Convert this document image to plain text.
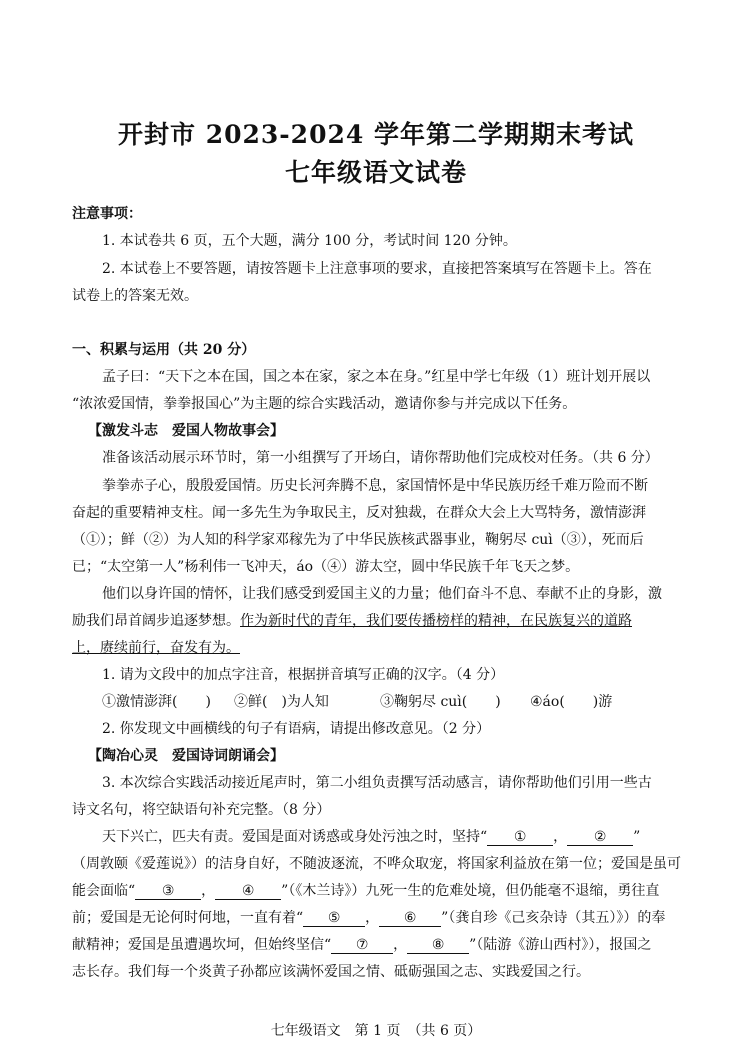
开封市 2023-2024 学年第二学期期末考试
七年级语文试卷
注意事项：
1. 本试卷共 6 页，五个大题，满分 100 分，考试时间 120 分钟。
2. 本试卷上不要答题，请按答题卡上注意事项的要求，直接把答案填写在答题卡上。答在
试卷上的答案无效。
一、积累与运用（共 20 分）
孟子曰：“天下之本在国，国之本在家，家之本在身。”红星中学七年级（1）班计划开展以
“浓浓爱国情，拳拳报国心”为主题的综合实践活动，邀请你参与并完成以下任务。
【激发斗志　爱国人物故事会】
准备该活动展示环节时，第一小组撰写了开场白，请你帮助他们完成校对任务。（共 6 分）
拳拳赤子心，殷殷爱国情。历史长河奔腾不息，家国情怀是中华民族历经千难万险而不断
奋起的重要精神支柱。闻一多先生为争取民主，反对独裁，在群众大会上大骂特务，激情澎湃
（①）；鲜（②）为人知的科学家邓稼先为了中华民族核武器事业，鞠躬尽 cuì（③），死而后
已；“太空第一人”杨利伟一飞冲天，áo（④）游太空，圆中华民族千年飞天之梦。
他们以身许国的情怀，让我们感受到爱国主义的力量；他们奋斗不息、奉献不止的身影，激
励我们昂首阔步追逐梦想。作为新时代的青年，我们要传播榜样的精神，在民族复兴的道路
上，赓续前行，奋发有为。
1. 请为文段中的加点字注音，根据拼音填写正确的汉字。（4 分）
①激情澎湃(　　) ②鲜(　)为人知	③鞠躬尽 cuì(　　) ④áo(　　)游
2. 你发现文中画横线的句子有语病，请提出修改意见。（2 分）
【陶冶心灵　爱国诗词朗诵会】
3. 本次综合实践活动接近尾声时，第二小组负责撰写活动感言，请你帮助他们引用一些古
诗文名句，将空缺语句补充完整。（8 分）
天下兴亡，匹夫有责。爱国是面对诱惑或身处污浊之时，坚持“ ① ， ② ”
（周敦颐《爱莲说》）的洁身自好，不随波逐流，不哗众取宠，将国家利益放在第一位；爱国是虽可
能会面临“ ③ ， ④ ”（《木兰诗》）九死一生的危难处境，但仍能毫不退缩，勇往直
前；爱国是无论何时何地，一直有着“ ⑤ ， ⑥ ”（龚自珍《己亥杂诗（其五）》）的奉
献精神；爱国是虽遭遇坎坷，但始终坚信“ ⑦ ， ⑧ ”（陆游《游山西村》），报国之
志长存。我们每一个炎黄子孙都应该满怀爱国之情、砥砺强国之志、实践爱国之行。
七年级语文　第 1 页　（共 6 页）
